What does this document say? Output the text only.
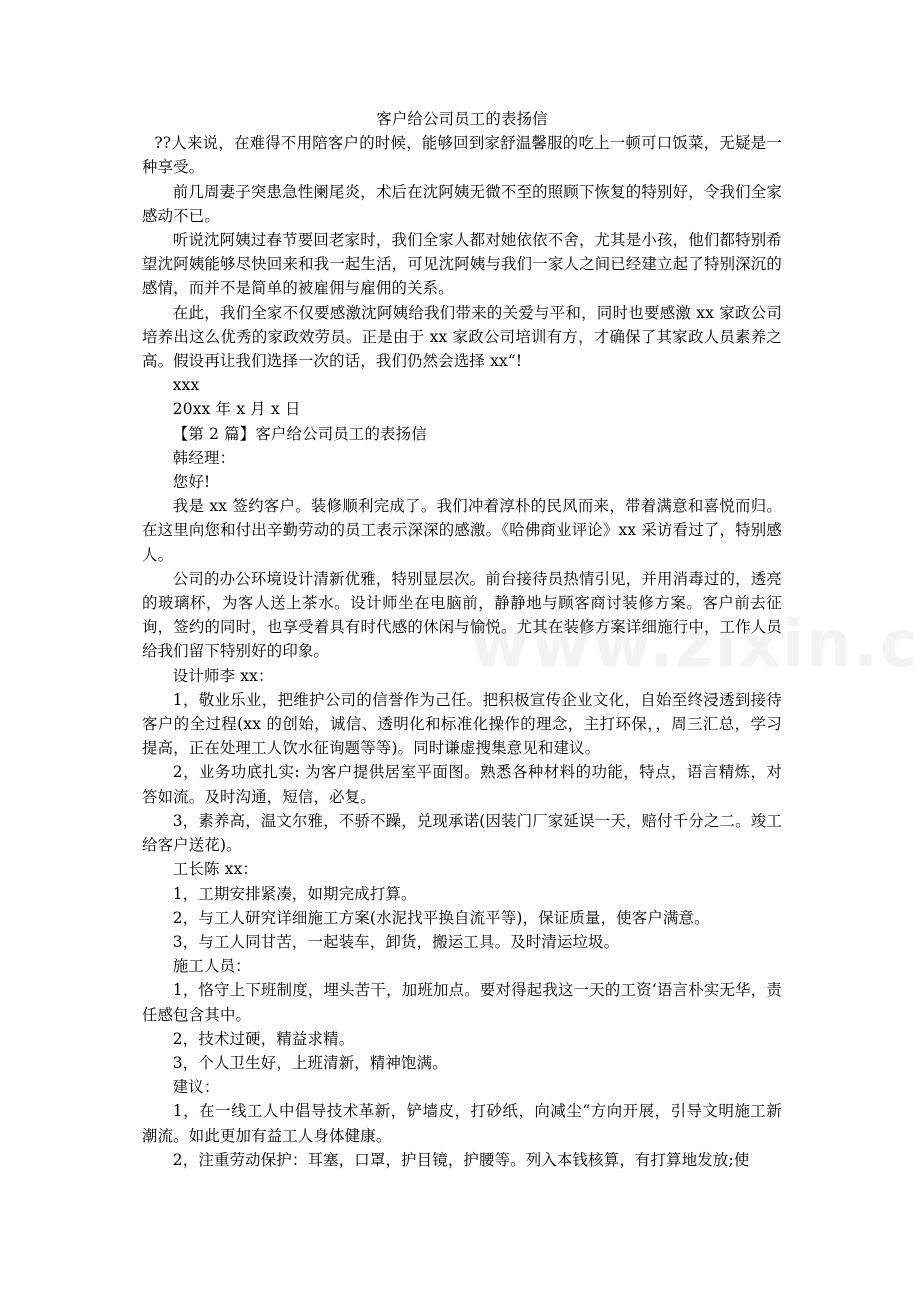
客户给公司员工的表扬信

??人来说，在难得不用陪客户的时候，能够回到家舒温馨服的吃上一顿可口饭菜，无疑是一种享受。

前几周妻子突患急性阑尾炎，术后在沈阿姨无微不至的照顾下恢复的特别好，令我们全家感动不已。

听说沈阿姨过春节要回老家时，我们全家人都对她依依不舍，尤其是小孩，他们都特别希望沈阿姨能够尽快回来和我一起生活，可见沈阿姨与我们一家人之间已经建立起了特别深沉的感情，而并不是简单的被雇佣与雇佣的关系。

在此，我们全家不仅要感激沈阿姨给我们带来的关爱与平和，同时也要感激 xx 家政公司培养出这么优秀的家政效劳员。正是由于 xx 家政公司培训有方，才确保了其家政人员素养之高。假设再让我们选择一次的话，我们仍然会选择 xx“!

xxx

20xx 年 x 月 x 日

【第 2 篇】客户给公司员工的表扬信

韩经理：

您好!

我是 xx 签约客户。装修顺利完成了。我们冲着淳朴的民风而来，带着满意和喜悦而归。在这里向您和付出辛勤劳动的员工表示深深的感激。《哈佛商业评论》xx 采访看过了，特别感人。

公司的办公环境设计清新优雅，特别显层次。前台接待员热情引见，并用消毒过的，透亮的玻璃杯，为客人送上茶水。设计师坐在电脑前，静静地与顾客商讨装修方案。客户前去征询，签约的同时，也享受着具有时代感的休闲与愉悦。尤其在装修方案详细施行中，工作人员给我们留下特别好的印象。

设计师李 xx：

1，敬业乐业，把维护公司的信誉作为己任。把积极宣传企业文化，自始至终浸透到接待客户的全过程(xx 的创始，诚信、透明化和标准化操作的理念，主打环保，，周三汇总，学习提高，正在处理工人饮水征询题等等)。同时谦虚搜集意见和建议。

2，业务功底扎实: 为客户提供居室平面图。熟悉各种材料的功能，特点，语言精炼，对答如流。及时沟通，短信，必复。

3，素养高，温文尔雅，不骄不躁，兑现承诺(因装门厂家延误一天，赔付千分之二。竣工给客户送花)。

工长陈 xx：

1，工期安排紧凑，如期完成打算。

2，与工人研究详细施工方案(水泥找平换自流平等)，保证质量，使客户满意。

3，与工人同甘苦，一起装车，卸货，搬运工具。及时清运垃圾。

施工人员：

1，恪守上下班制度，埋头苦干，加班加点。要对得起我这一天的工资‘语言朴实无华，责任感包含其中。

2，技术过硬，精益求精。

3，个人卫生好，上班清新，精神饱满。

建议：

1，在一线工人中倡导技术革新，铲墙皮，打砂纸，向减尘“方向开展，引导文明施工新潮流。如此更加有益工人身体健康。

2，注重劳动保护：耳塞，口罩，护目镜，护腰等。列入本钱核算，有打算地发放;使
